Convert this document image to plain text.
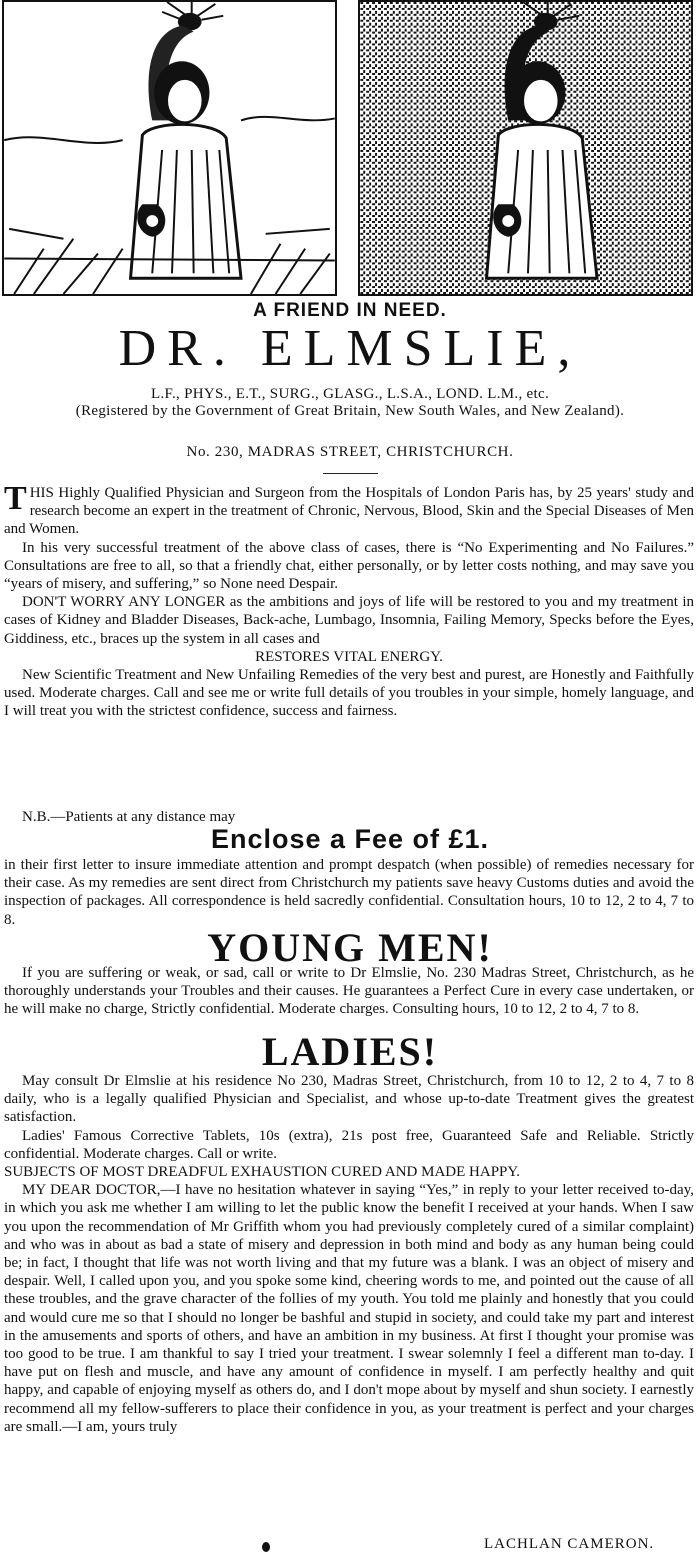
A FRIEND IN NEED.
DR. ELMSLIE,
L.F., PHYS., E.T., SURG., GLASG., L.S.A., LOND. L.M., etc.
(Registered by the Government of Great Britain, New South Wales, and New Zealand).
No. 230, MADRAS STREET, CHRISTCHURCH.

THIS Highly Qualified Physician and Surgeon from the Hospitals of London Paris has, by 25 years' study and research become an expert in the treatment of Chronic, Nervous, Blood, Skin and the Special Diseases of Men and Women.

In his very successful treatment of the above class of cases, there is “No Experimenting and No Failures.” Consultations are free to all, so that a friendly chat, either personally, or by letter costs nothing, and may save you “years of misery, and suffering,” so None need Despair.

DON'T WORRY ANY LONGER as the ambitions and joys of life will be restored to you and my treatment in cases of Kidney and Bladder Diseases, Back-ache, Lumbago, Insomnia, Failing Memory, Specks before the Eyes, Giddiness, etc., braces up the system in all cases and

RESTORES VITAL ENERGY.

New Scientific Treatment and New Unfailing Remedies of the very best and purest, are Honestly and Faithfully used. Moderate charges. Call and see me or write full details of you troubles in your simple, homely language, and I will treat you with the strictest confidence, success and fairness.

N.B.—Patients at any distance may

Enclose a Fee of £1.

in their first letter to insure immediate attention and prompt despatch (when possible) of remedies necessary for their case. As my remedies are sent direct from Christchurch my patients save heavy Customs duties and avoid the inspection of packages. All correspondence is held sacredly confidential. Consultation hours, 10 to 12, 2 to 4, 7 to 8.

YOUNG MEN!

If you are suffering or weak, or sad, call or write to Dr Elmslie, No. 230 Madras Street, Christchurch, as he thoroughly understands your Troubles and their causes. He guarantees a Perfect Cure in every case undertaken, or he will make no charge, Strictly confidential. Moderate charges. Consulting hours, 10 to 12, 2 to 4, 7 to 8.

LADIES!

May consult Dr Elmslie at his residence No 230, Madras Street, Christchurch, from 10 to 12, 2 to 4, 7 to 8 daily, who is a legally qualified Physician and Specialist, and whose up-to-date Treatment gives the greatest satisfaction.

Ladies' Famous Corrective Tablets, 10s (extra), 21s post free, Guaranteed Safe and Reliable. Strictly confidential. Moderate charges. Call or write.

SUBJECTS OF MOST DREADFUL EXHAUSTION CURED AND MADE HAPPY.

MY DEAR DOCTOR,—I have no hesitation whatever in saying “Yes,” in reply to your letter received to-day, in which you ask me whether I am willing to let the public know the benefit I received at your hands. When I saw you upon the recommendation of Mr Griffith whom you had previously completely cured of a similar complaint) and who was in about as bad a state of misery and depression in both mind and body as any human being could be; in fact, I thought that life was not worth living and that my future was a blank. I was an object of misery and despair. Well, I called upon you, and you spoke some kind, cheering words to me, and pointed out the cause of all these troubles, and the grave character of the follies of my youth. You told me plainly and honestly that you could and would cure me so that I should no longer be bashful and stupid in society, and could take my part and interest in the amusements and sports of others, and have an ambition in my business. At first I thought your promise was too good to be true. I am thankful to say I tried your treatment. I swear solemnly I feel a different man to-day. I have put on flesh and muscle, and have any amount of confidence in myself. I am perfectly healthy and quit happy, and capable of enjoying myself as others do, and I don't mope about by myself and shun society. I earnestly recommend all my fellow-sufferers to place their confidence in you, as your treatment is perfect and your charges are small.—I am, yours truly

LACHLAN CAMERON.
